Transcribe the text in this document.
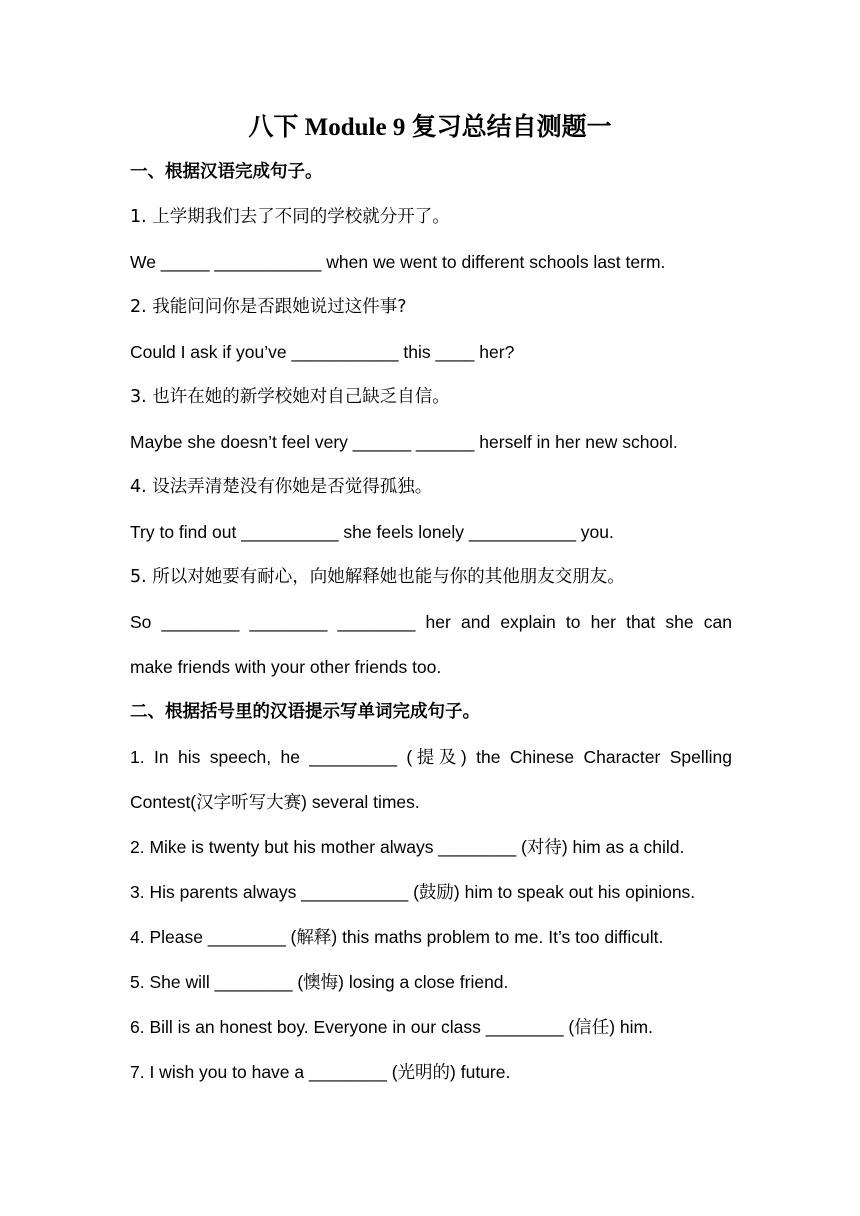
八下 Module 9 复习总结自测题一
一、根据汉语完成句子。
1. 上学期我们去了不同的学校就分开了。
We _____ ___________ when we went to different schools last term.
2. 我能问问你是否跟她说过这件事?
Could I ask if you’ve ___________ this ____ her?
3. 也许在她的新学校她对自己缺乏自信。
Maybe she doesn’t feel very ______ ______ herself in her new school.
4. 设法弄清楚没有你她是否觉得孤独。
Try to find out __________ she feels lonely ___________ you.
5. 所以对她要有耐心，向她解释她也能与你的其他朋友交朋友。
So ________ ________ ________ her and explain to her that she can
make friends with your other friends too.
二、根据括号里的汉语提示写单词完成句子。
1. In his speech, he _________ (提及) the Chinese Character Spelling
Contest(汉字听写大赛) several times.
2. Mike is twenty but his mother always ________ (对待) him as a child.
3. His parents always ___________ (鼓励) him to speak out his opinions.
4. Please ________ (解释) this maths problem to me. It’s too difficult.
5. She will ________ (懊悔) losing a close friend.
6. Bill is an honest boy. Everyone in our class ________ (信任) him.
7. I wish you to have a ________ (光明的) future.
